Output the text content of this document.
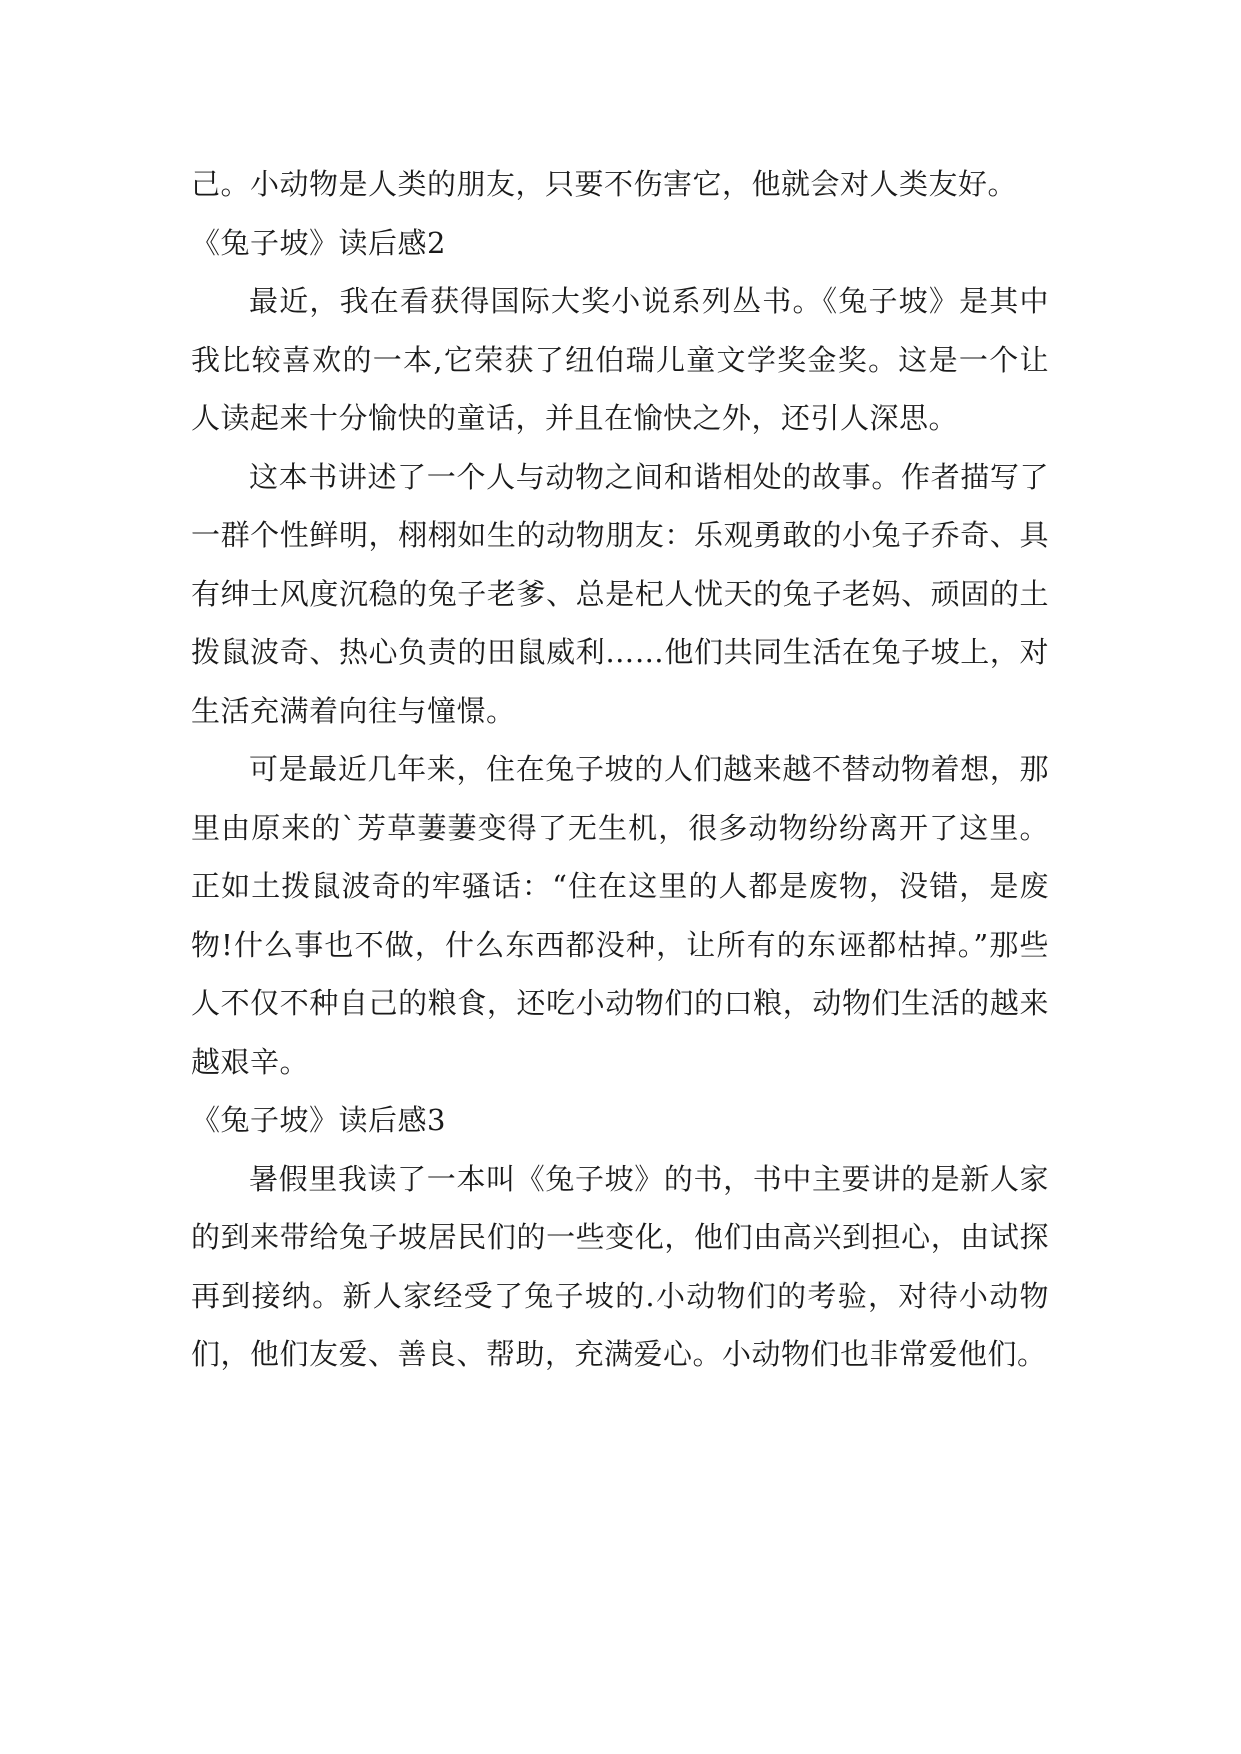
己。小动物是人类的朋友，只要不伤害它，他就会对人类友好。

《兔子坡》读后感2

最近，我在看获得国际大奖小说系列丛书。《兔子坡》是其中我比较喜欢的一本,它荣获了纽伯瑞儿童文学奖金奖。这是一个让人读起来十分愉快的童话，并且在愉快之外，还引人深思。

这本书讲述了一个人与动物之间和谐相处的故事。作者描写了一群个性鲜明，栩栩如生的动物朋友：乐观勇敢的小兔子乔奇、具有绅士风度沉稳的兔子老爹、总是杞人忧天的兔子老妈、顽固的土拨鼠波奇、热心负责的田鼠威利……他们共同生活在兔子坡上，对生活充满着向往与憧憬。

可是最近几年来，住在兔子坡的人们越来越不替动物着想，那里由原来的`芳草萋萋变得了无生机，很多动物纷纷离开了这里。正如土拨鼠波奇的牢骚话：“住在这里的人都是废物，没错，是废物!什么事也不做，什么东西都没种，让所有的东诬都枯掉。”那些人不仅不种自己的粮食，还吃小动物们的口粮，动物们生活的越来越艰辛。

《兔子坡》读后感3

暑假里我读了一本叫《兔子坡》的书，书中主要讲的是新人家的到来带给兔子坡居民们的一些变化，他们由高兴到担心，由试探再到接纳。新人家经受了兔子坡的.小动物们的考验，对待小动物们，他们友爱、善良、帮助，充满爱心。小动物们也非常爱他们。
